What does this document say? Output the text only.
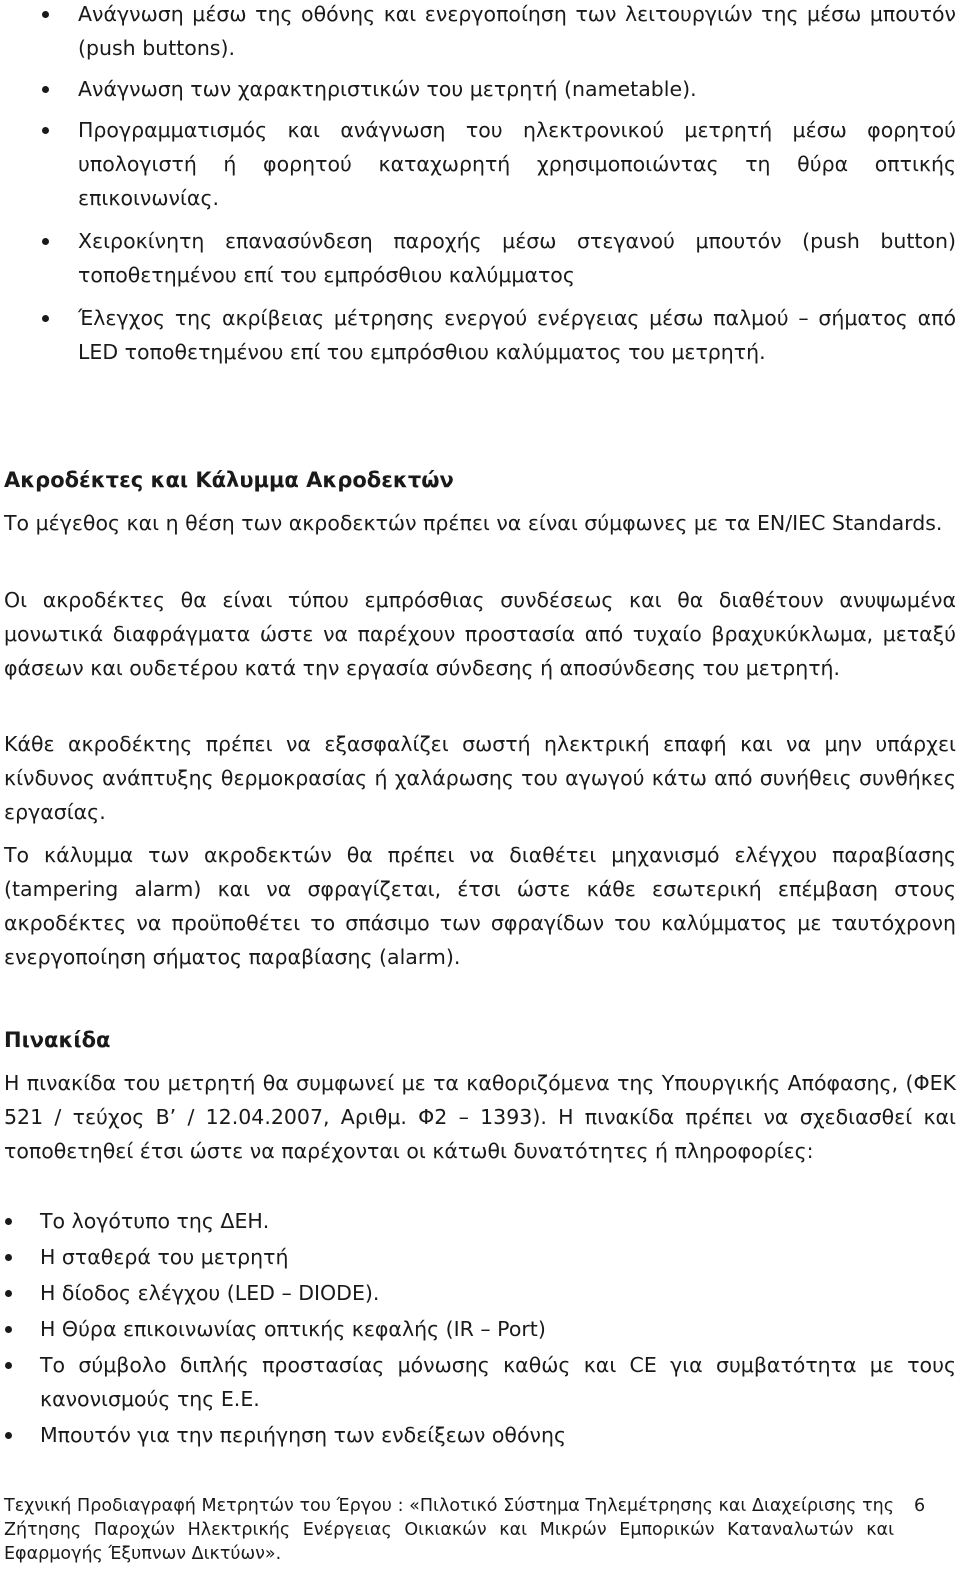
Ανάγνωση μέσω της οθόνης και ενεργοποίηση των λειτουργιών της μέσω μπουτόν (push buttons).

Ανάγνωση των χαρακτηριστικών του μετρητή (nametable).

Προγραμματισμός και ανάγνωση του ηλεκτρονικού μετρητή μέσω φορητού υπολογιστή ή φορητού καταχωρητή χρησιμοποιώντας τη θύρα οπτικής επικοινωνίας.

Χειροκίνητη επανασύνδεση παροχής μέσω στεγανού μπουτόν (push button) τοποθετημένου επί του εμπρόσθιου καλύμματος

Έλεγχος της ακρίβειας μέτρησης ενεργού ενέργειας μέσω παλμού – σήματος από LED τοποθετημένου επί του εμπρόσθιου καλύμματος του μετρητή.

Ακροδέκτες και Κάλυμμα Ακροδεκτών

Το μέγεθος και η θέση των ακροδεκτών πρέπει να είναι σύμφωνες με τα EN/IEC Standards.

Οι ακροδέκτες θα είναι τύπου εμπρόσθιας συνδέσεως και θα διαθέτουν ανυψωμένα μονωτικά διαφράγματα ώστε να παρέχουν προστασία από τυχαίο βραχυκύκλωμα, μεταξύ φάσεων και ουδετέρου κατά την εργασία σύνδεσης ή αποσύνδεσης του μετρητή.

Κάθε ακροδέκτης πρέπει να εξασφαλίζει σωστή ηλεκτρική επαφή και να μην υπάρχει κίνδυνος ανάπτυξης θερμοκρασίας ή χαλάρωσης του αγωγού κάτω από συνήθεις συνθήκες εργασίας.

Το κάλυμμα των ακροδεκτών θα πρέπει να διαθέτει μηχανισμό ελέγχου παραβίασης (tampering alarm) και να σφραγίζεται, έτσι ώστε κάθε εσωτερική επέμβαση στους ακροδέκτες να προϋποθέτει το σπάσιμο των σφραγίδων του καλύμματος με ταυτόχρονη ενεργοποίηση σήματος παραβίασης (alarm).

Πινακίδα

Η πινακίδα του μετρητή θα συμφωνεί με τα καθοριζόμενα της Υπουργικής Απόφασης, (ΦΕΚ 521 / τεύχος Β’ / 12.04.2007, Αριθμ. Φ2 – 1393). Η πινακίδα πρέπει να σχεδιασθεί και τοποθετηθεί έτσι ώστε να παρέχονται οι κάτωθι δυνατότητες ή πληροφορίες:

Το λογότυπο της ΔΕΗ.

Η σταθερά του μετρητή

Η δίοδος ελέγχου (LED – DIODE).

Η Θύρα επικοινωνίας οπτικής κεφαλής (IR – Port)

Το σύμβολο διπλής προστασίας μόνωσης καθώς και CE για συμβατότητα με τους κανονισμούς της Ε.Ε.

Μπουτόν για την περιήγηση των ενδείξεων οθόνης

Τεχνική Προδιαγραφή Μετρητών του Έργου : «Πιλοτικό Σύστημα Τηλεμέτρησης και Διαχείρισης της Ζήτησης Παροχών Ηλεκτρικής Ενέργειας Οικιακών και Μικρών Εμπορικών Καταναλωτών και Εφαρμογής Έξυπνων Δικτύων».

6
